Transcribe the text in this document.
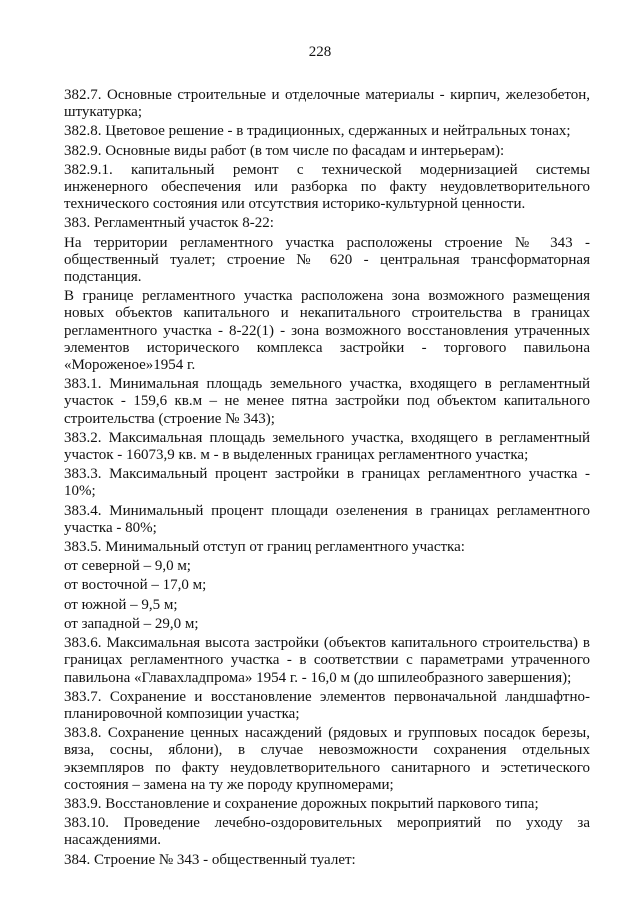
228

382.7. Основные строительные и отделочные материалы - кирпич, железобетон, штукатурка;

382.8. Цветовое решение - в традиционных, сдержанных и нейтральных тонах;

382.9. Основные виды работ (в том числе по фасадам и интерьерам):

382.9.1. капитальный ремонт с технической модернизацией системы инженерного обеспечения или разборка по факту неудовлетворительного технического состояния или отсутствия историко-культурной ценности.

383. Регламентный участок 8-22:

На территории регламентного участка расположены строение № 343 - общественный туалет; строение № 620 - центральная трансформаторная подстанция.

В границе регламентного участка расположена зона возможного размещения новых объектов капитального и некапитального строительства в границах регламентного участка - 8-22(1) - зона возможного восстановления утраченных элементов исторического комплекса застройки - торгового павильона «Мороженое»1954 г.

383.1. Минимальная площадь земельного участка, входящего в регламентный участок - 159,6 кв.м – не менее пятна застройки под объектом капитального строительства (строение № 343);

383.2. Максимальная площадь земельного участка, входящего в регламентный участок - 16073,9 кв. м - в выделенных границах регламентного участка;

383.3. Максимальный процент застройки в границах регламентного участка - 10%;

383.4. Минимальный процент площади озеленения в границах регламентного участка - 80%;

383.5. Минимальный отступ от границ регламентного участка:

от северной – 9,0 м;

от восточной – 17,0 м;

от южной – 9,5 м;

от западной – 29,0 м;

383.6. Максимальная высота застройки (объектов капитального строительства) в границах регламентного участка - в соответствии с параметрами утраченного павильона «Главахладпрома» 1954 г. - 16,0 м (до шпилеобразного завершения);

383.7. Сохранение и восстановление элементов первоначальной ландшафтно-планировочной композиции участка;

383.8. Сохранение ценных насаждений (рядовых и групповых посадок березы, вяза, сосны, яблони), в случае невозможности сохранения отдельных экземпляров по факту неудовлетворительного санитарного и эстетического состояния – замена на ту же породу крупномерами;

383.9. Восстановление и сохранение дорожных покрытий паркового типа;

383.10. Проведение лечебно-оздоровительных мероприятий по уходу за насаждениями.

384. Строение № 343 - общественный туалет:
